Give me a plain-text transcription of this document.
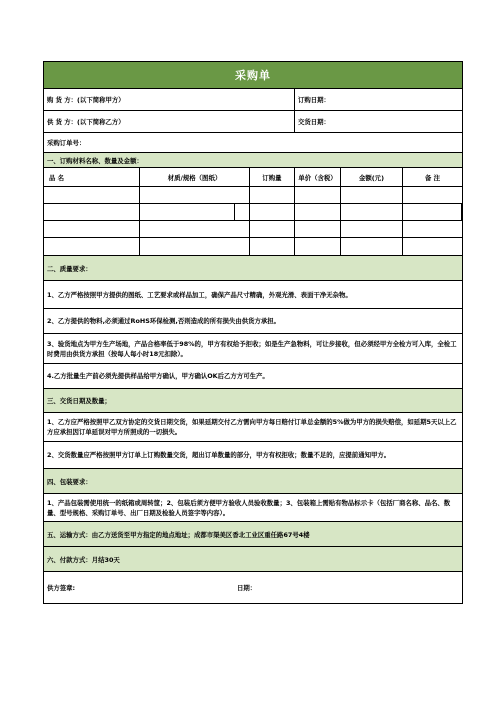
采购单
购 货 方：(以下简称甲方）	订购日期：
供 货 方：(以下简称乙方）	交货日期：
采购订单号：
一、订购材料名称、数量及金额：
品 名	材质/规格（图纸）	订购量	单价（含税）	金额(元)	备 注
二、质量要求：
1、乙方严格按照甲方提供的图纸、工艺要求或样品加工，确保产品尺寸精确，外观光滑、表面干净无杂物。
2、乙方提供的物料,必须通过RoHS环保检测,否则造成的所有损失由供货方承担。
3、验货地点为甲方生产场地，产品合格率低于98%的，甲方有权给予拒收；如是生产急物料，可让步接收，但必须经甲方全检方可入库，全检工时费用由供货方承担（按每人每小时18元扣除）。
4.乙方批量生产前必须先提供样品给甲方确认，甲方确认OK后乙方方可生产。
三、交货日期及数量；
1、乙方应严格按照甲乙双方协定的交货日期交货，如果延期交付乙方需向甲方每日赔付订单总金额的5%做为甲方的损失赔偿，如延期5天以上乙方应承担因订单延误对甲方所照成的一切损失。
2、交货数量应严格按照甲方订单上订购数量交货，超出订单数量的部分，甲方有权拒收；数量不足的，应提前通知甲方。
四、包装要求：
1、产品包装需使用统一的纸箱或周转筐；2、包装后须方便甲方验收人员验收数量；3、包装箱上需贴有物品标示卡（包括厂商名称、品名、数量、型号规格、采购订单号、出厂日期及检验人员签字等内容）。
五、运输方式：由乙方送货至甲方指定的地点地址；成都市渠美区香北工业区重任路67号4楼
六、付款方式：月结30天
供方签章:	日期：
